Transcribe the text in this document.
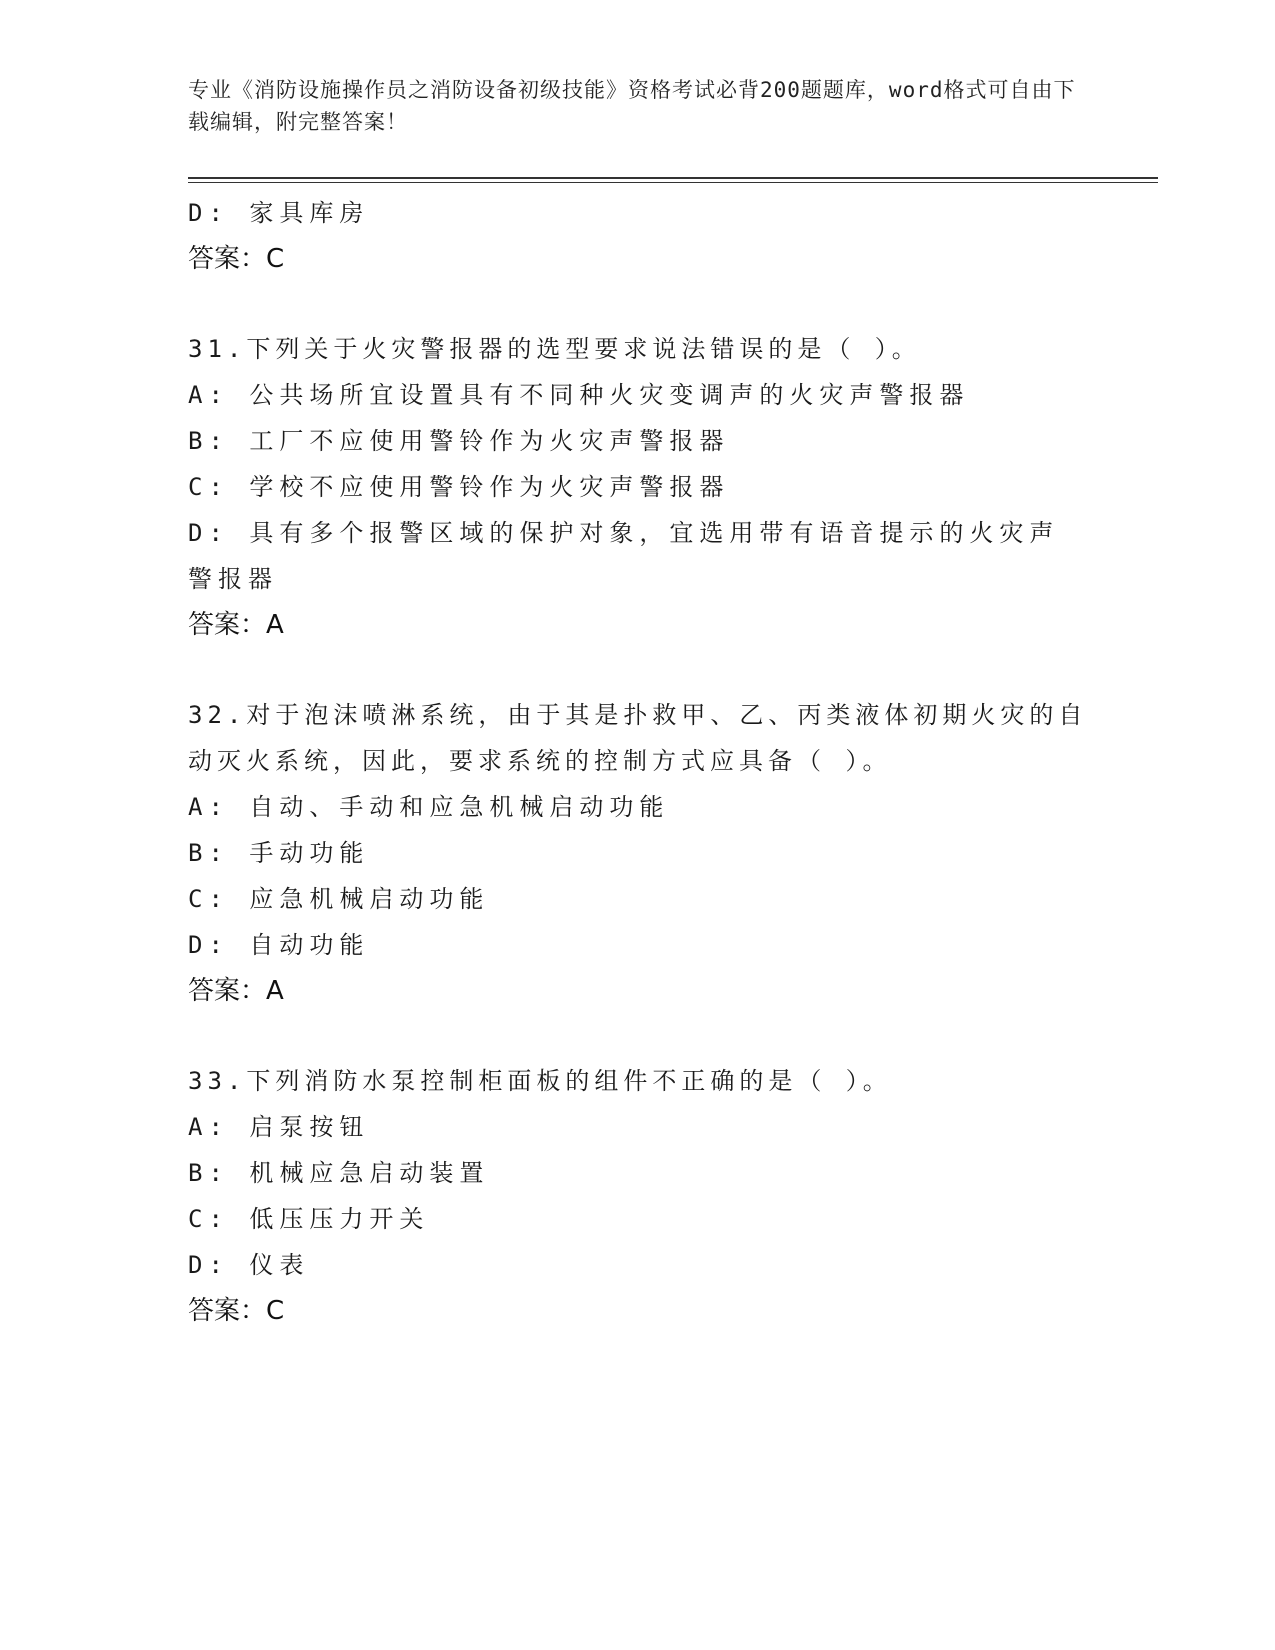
专业《消防设施操作员之消防设备初级技能》资格考试必背200题题库，word格式可自由下载编辑，附完整答案！
D: 家具库房
答案：C
31.下列关于火灾警报器的选型要求说法错误的是（ ）。
A: 公共场所宜设置具有不同种火灾变调声的火灾声警报器
B: 工厂不应使用警铃作为火灾声警报器
C: 学校不应使用警铃作为火灾声警报器
D: 具有多个报警区域的保护对象，宜选用带有语音提示的火灾声警报器
答案：A
32.对于泡沫喷淋系统，由于其是扑救甲、乙、丙类液体初期火灾的自动灭火系统，因此，要求系统的控制方式应具备（ ）。
A: 自动、手动和应急机械启动功能
B: 手动功能
C: 应急机械启动功能
D: 自动功能
答案：A
33.下列消防水泵控制柜面板的组件不正确的是（ ）。
A: 启泵按钮
B: 机械应急启动装置
C: 低压压力开关
D: 仪表
答案：C
